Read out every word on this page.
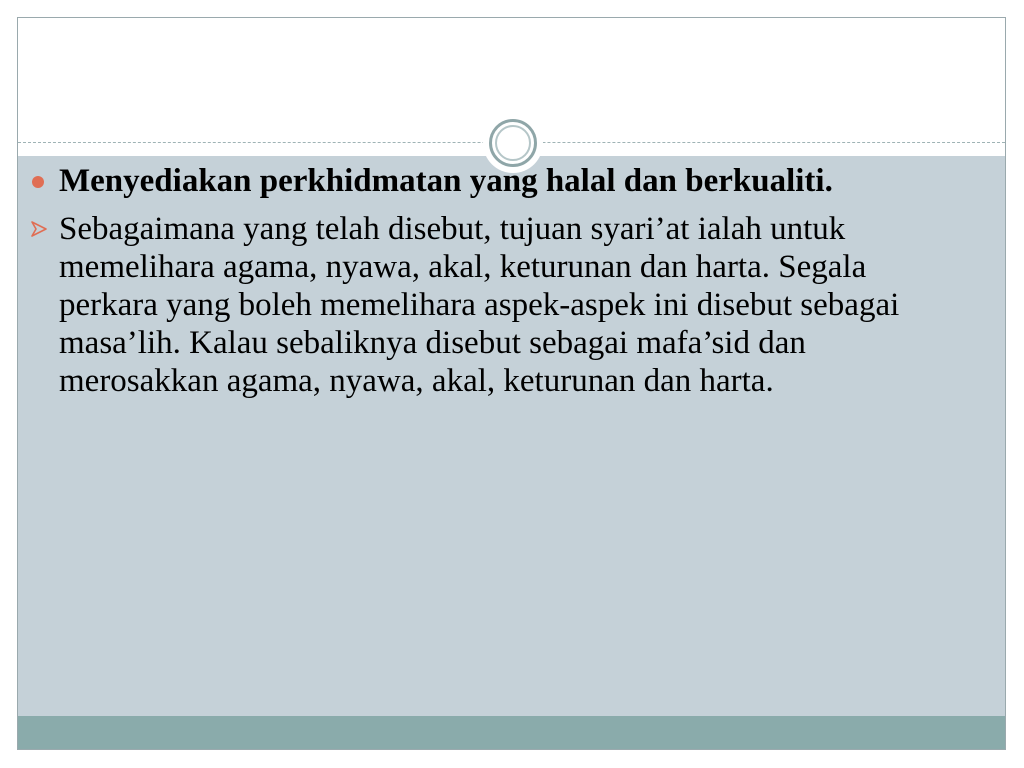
Menyediakan perkhidmatan yang halal dan berkualiti.
Sebagaimana yang telah disebut, tujuan syari’at ialah untuk memelihara agama, nyawa, akal, keturunan dan harta. Segala perkara yang boleh memelihara aspek-aspek ini disebut sebagai masa’lih. Kalau sebaliknya disebut sebagai mafa’sid dan merosakkan agama, nyawa, akal, keturunan dan harta.
